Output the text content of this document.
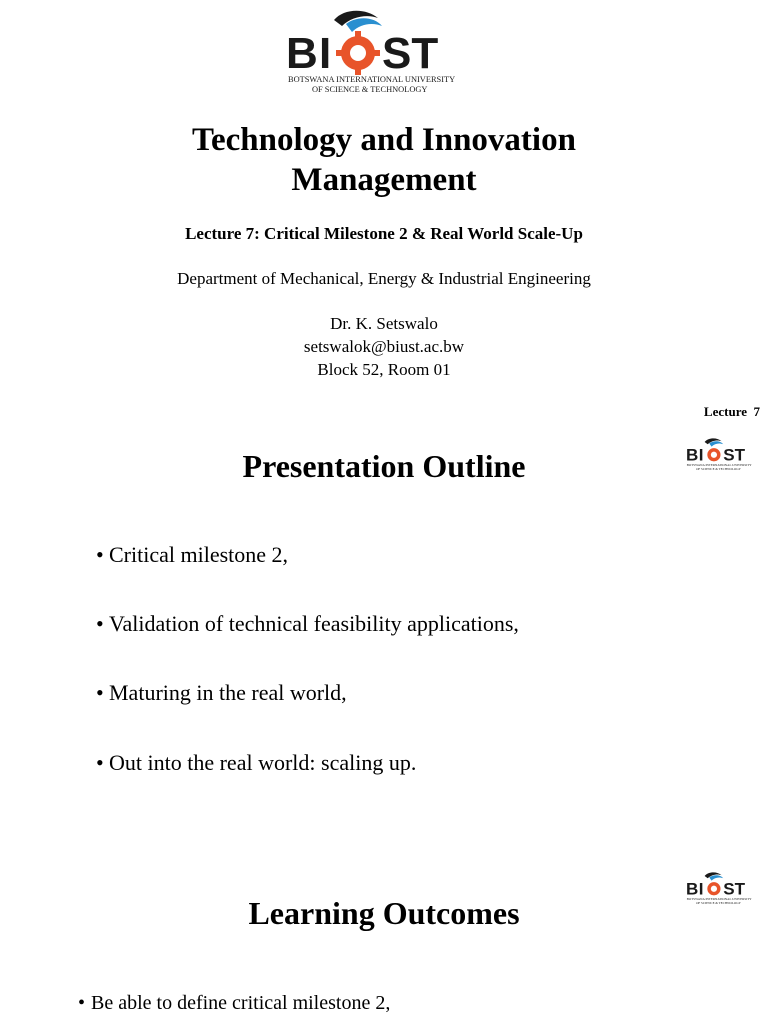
B I ST
BOTSWANA INTERNATIONAL UNIVERSITY
OF SCIENCE & TECHNOLOGY
Technology and Innovation
Management
Lecture 7: Critical Milestone 2 & Real World Scale-Up
Department of Mechanical, Energy & Industrial Engineering
Dr. K. Setswalo
setswalok@biust.ac.bw
Block 52, Room 01
Lecture  7
B I ST
BOTSWANA INTERNATIONAL UNIVERSITY
OF SCIENCE & TECHNOLOGY
Presentation Outline
• Critical milestone 2,
• Validation of technical feasibility applications,
• Maturing in the real world,
• Out into the real world: scaling up.
B I ST
BOTSWANA INTERNATIONAL UNIVERSITY
OF SCIENCE & TECHNOLOGY
Learning Outcomes
• Be able to define critical milestone 2,
